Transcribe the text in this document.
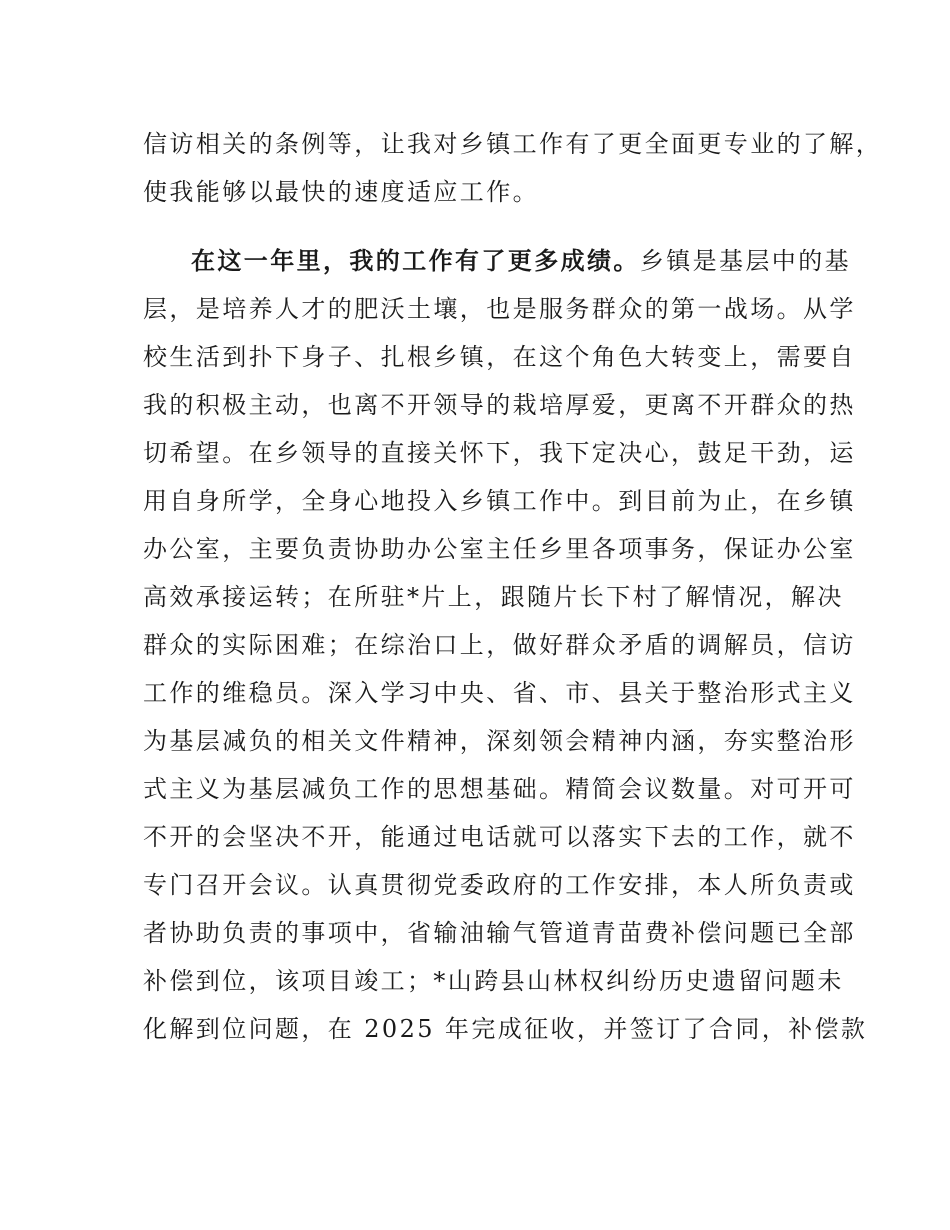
信访相关的条例等，让我对乡镇工作有了更全面更专业的了解，
使我能够以最快的速度适应工作。
在这一年里，我的工作有了更多成绩。乡镇是基层中的基
层，是培养人才的肥沃土壤，也是服务群众的第一战场。从学
校生活到扑下身子、扎根乡镇，在这个角色大转变上，需要自
我的积极主动，也离不开领导的栽培厚爱，更离不开群众的热
切希望。在乡领导的直接关怀下，我下定决心，鼓足干劲，运
用自身所学，全身心地投入乡镇工作中。到目前为止，在乡镇
办公室，主要负责协助办公室主任乡里各项事务，保证办公室
高效承接运转；在所驻*片上，跟随片长下村了解情况，解决
群众的实际困难；在综治口上，做好群众矛盾的调解员，信访
工作的维稳员。深入学习中央、省、市、县关于整治形式主义
为基层减负的相关文件精神，深刻领会精神内涵，夯实整治形
式主义为基层减负工作的思想基础。精简会议数量。对可开可
不开的会坚决不开，能通过电话就可以落实下去的工作，就不
专门召开会议。认真贯彻党委政府的工作安排，本人所负责或
者协助负责的事项中，省输油输气管道青苗费补偿问题已全部
补偿到位，该项目竣工；*山跨县山林权纠纷历史遗留问题未
化解到位问题，在 2025 年完成征收，并签订了合同，补偿款
